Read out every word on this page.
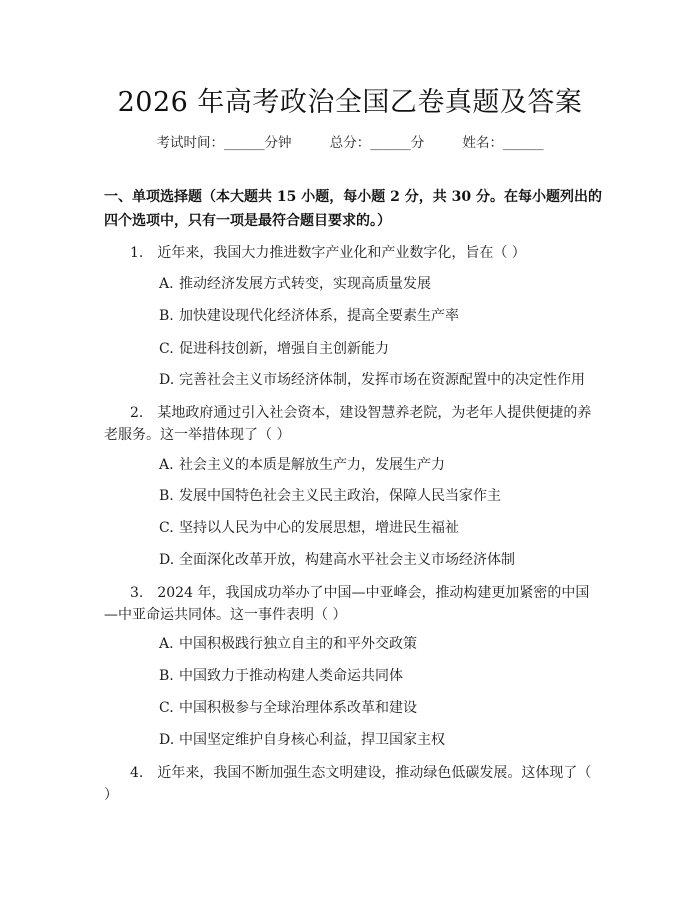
2026 年高考政治全国乙卷真题及答案
考试时间：______分钟	总分：______分	姓名：______
一、单项选择题（本大题共 15 小题，每小题 2 分，共 30 分。在每小题列出的四个选项中，只有一项是最符合题目要求的。）
1. 近年来，我国大力推进数字产业化和产业数字化，旨在（ ）
A. 推动经济发展方式转变，实现高质量发展
B. 加快建设现代化经济体系，提高全要素生产率
C. 促进科技创新，增强自主创新能力
D. 完善社会主义市场经济体制，发挥市场在资源配置中的决定性作用
2. 某地政府通过引入社会资本，建设智慧养老院，为老年人提供便捷的养老服务。这一举措体现了（ ）
A. 社会主义的本质是解放生产力，发展生产力
B. 发展中国特色社会主义民主政治，保障人民当家作主
C. 坚持以人民为中心的发展思想，增进民生福祉
D. 全面深化改革开放，构建高水平社会主义市场经济体制
3. 2024 年，我国成功举办了中国—中亚峰会，推动构建更加紧密的中国—中亚命运共同体。这一事件表明（ ）
A. 中国积极践行独立自主的和平外交政策
B. 中国致力于推动构建人类命运共同体
C. 中国积极参与全球治理体系改革和建设
D. 中国坚定维护自身核心利益，捍卫国家主权
4. 近年来，我国不断加强生态文明建设，推动绿色低碳发展。这体现了（ ）
